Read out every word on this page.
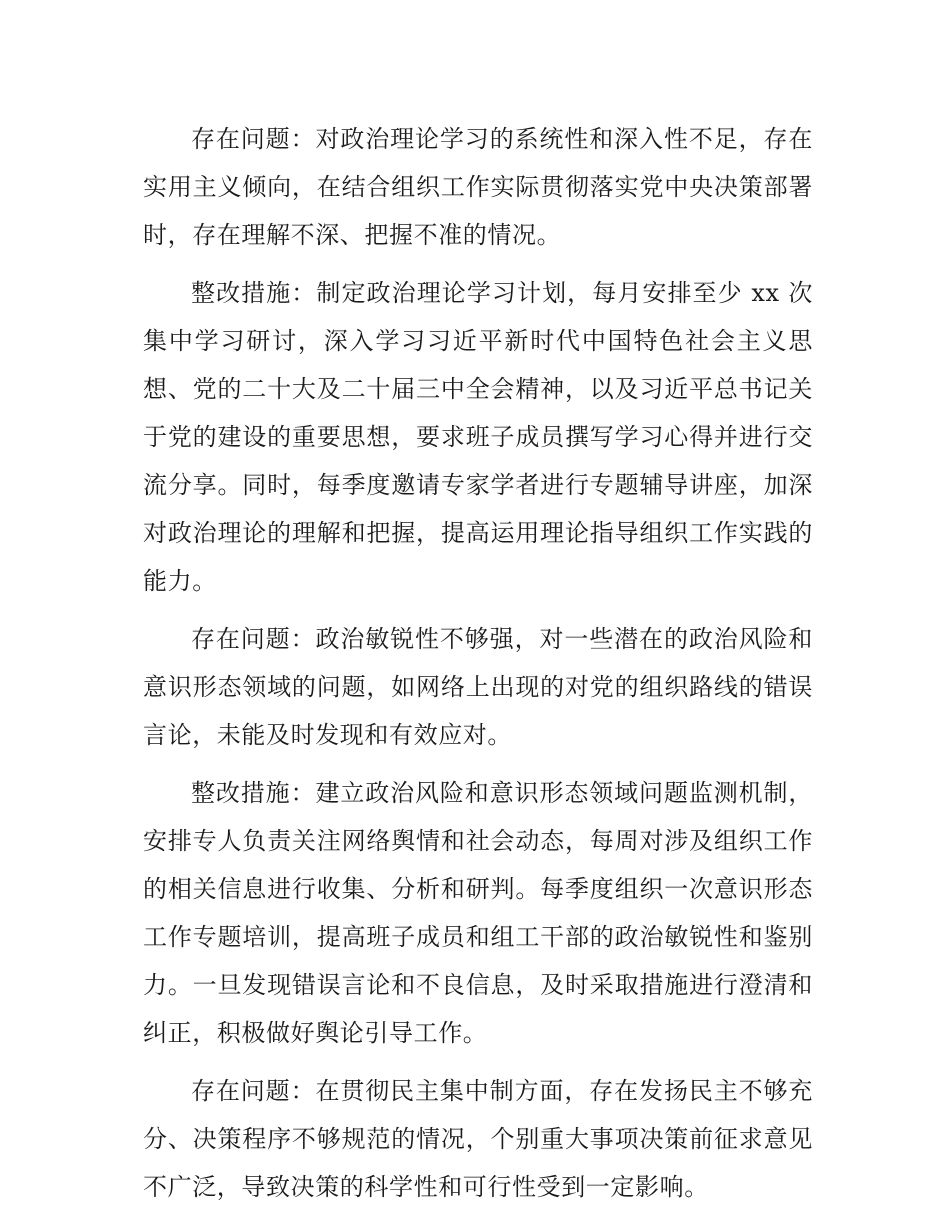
存在问题：对政治理论学习的系统性和深入性不足，存在实用主义倾向，在结合组织工作实际贯彻落实党中央决策部署时，存在理解不深、把握不准的情况。

整改措施：制定政治理论学习计划，每月安排至少 xx 次集中学习研讨，深入学习习近平新时代中国特色社会主义思想、党的二十大及二十届三中全会精神，以及习近平总书记关于党的建设的重要思想，要求班子成员撰写学习心得并进行交流分享。同时，每季度邀请专家学者进行专题辅导讲座，加深对政治理论的理解和把握，提高运用理论指导组织工作实践的能力。

存在问题：政治敏锐性不够强，对一些潜在的政治风险和意识形态领域的问题，如网络上出现的对党的组织路线的错误言论，未能及时发现和有效应对。

整改措施：建立政治风险和意识形态领域问题监测机制，安排专人负责关注网络舆情和社会动态，每周对涉及组织工作的相关信息进行收集、分析和研判。每季度组织一次意识形态工作专题培训，提高班子成员和组工干部的政治敏锐性和鉴别力。一旦发现错误言论和不良信息，及时采取措施进行澄清和纠正，积极做好舆论引导工作。

存在问题：在贯彻民主集中制方面，存在发扬民主不够充分、决策程序不够规范的情况，个别重大事项决策前征求意见不广泛，导致决策的科学性和可行性受到一定影响。
